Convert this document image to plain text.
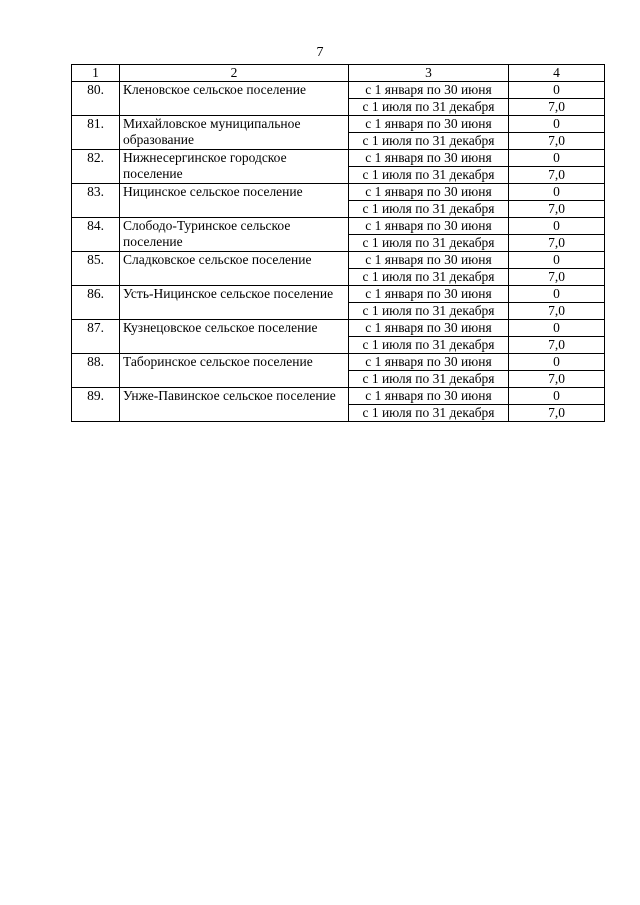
7
1	2	3	4
80.	Кленовское сельское поселение	с 1 января по 30 июня	0
		с 1 июля по 31 декабря	7,0
81.	Михайловское муниципальное образование	с 1 января по 30 июня	0
		с 1 июля по 31 декабря	7,0
82.	Нижнесергинское городское поселение	с 1 января по 30 июня	0
		с 1 июля по 31 декабря	7,0
83.	Ницинское сельское поселение	с 1 января по 30 июня	0
		с 1 июля по 31 декабря	7,0
84.	Слободо-Туринское сельское поселение	с 1 января по 30 июня	0
		с 1 июля по 31 декабря	7,0
85.	Сладковское сельское поселение	с 1 января по 30 июня	0
		с 1 июля по 31 декабря	7,0
86.	Усть-Ницинское сельское поселение	с 1 января по 30 июня	0
		с 1 июля по 31 декабря	7,0
87.	Кузнецовское сельское поселение	с 1 января по 30 июня	0
		с 1 июля по 31 декабря	7,0
88.	Таборинское сельское поселение	с 1 января по 30 июня	0
		с 1 июля по 31 декабря	7,0
89.	Унже-Павинское сельское поселение	с 1 января по 30 июня	0
		с 1 июля по 31 декабря	7,0
